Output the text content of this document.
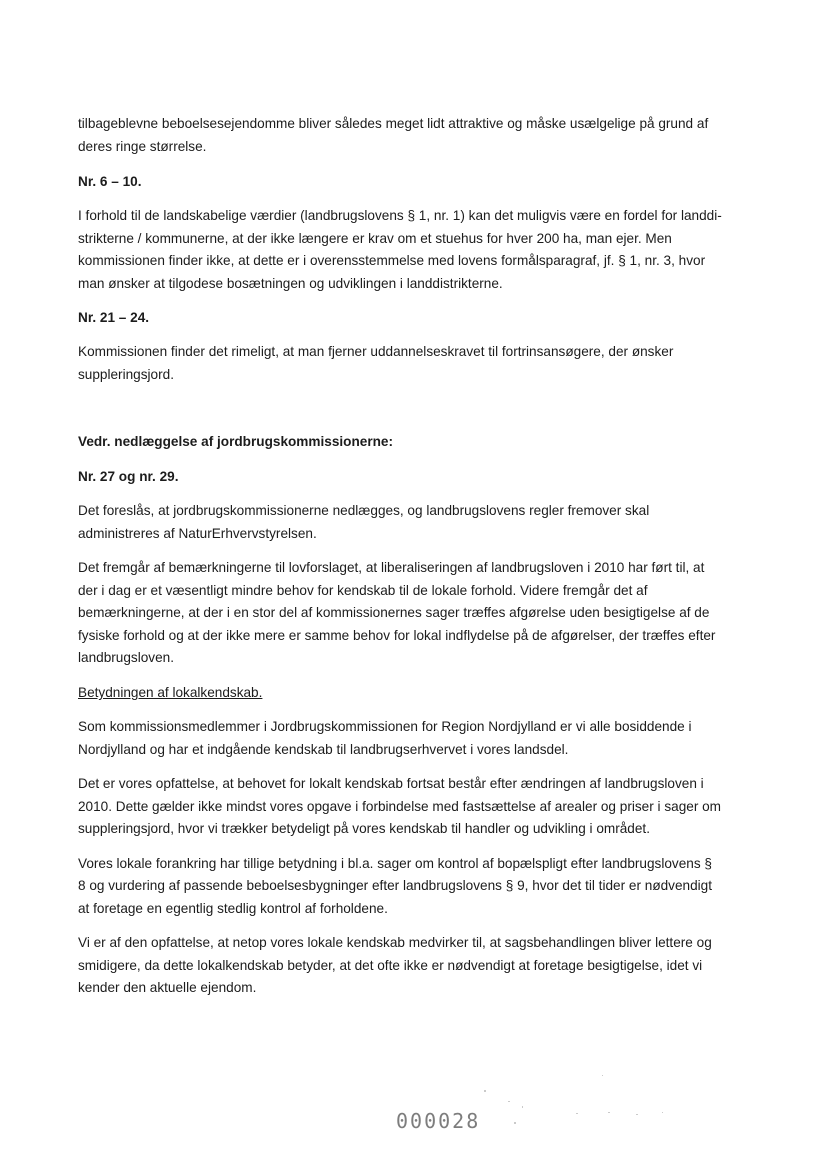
tilbageblevne beboelsesejendomme bliver således meget lidt attraktive og måske usælgelige på grund af

deres ringe størrelse.

Nr. 6 – 10.

I forhold til de landskabelige værdier (landbrugslovens § 1, nr. 1) kan det muligvis være en fordel for landdi-

strikterne / kommunerne, at der ikke længere er krav om et stuehus for hver 200 ha, man ejer. Men

kommissionen finder ikke, at dette er i overensstemmelse med lovens formålsparagraf, jf. § 1, nr. 3, hvor

man ønsker at tilgodese bosætningen og udviklingen i landdistrikterne.

Nr. 21 – 24.

Kommissionen finder det rimeligt, at man fjerner uddannelseskravet til fortrinsansøgere, der ønsker

suppleringsjord.

Vedr. nedlæggelse af jordbrugskommissionerne:

Nr. 27 og nr. 29.

Det foreslås, at jordbrugskommissionerne nedlægges, og landbrugslovens regler fremover skal

administreres af NaturErhvervstyrelsen.

Det fremgår af bemærkningerne til lovforslaget, at liberaliseringen af landbrugsloven i 2010 har ført til, at

der i dag er et væsentligt mindre behov for kendskab til de lokale forhold. Videre fremgår det af

bemærkningerne, at der i en stor del af kommissionernes sager træffes afgørelse uden besigtigelse af de

fysiske forhold og at der ikke mere er samme behov for lokal indflydelse på de afgørelser, der træffes efter

landbrugsloven.

Betydningen af lokalkendskab.

Som kommissionsmedlemmer i Jordbrugskommissionen for Region Nordjylland er vi alle bosiddende i

Nordjylland og har et indgående kendskab til landbrugserhvervet i vores landsdel.

Det er vores opfattelse, at behovet for lokalt kendskab fortsat består efter ændringen af landbrugsloven i

2010. Dette gælder ikke mindst vores opgave i forbindelse med fastsættelse af arealer og priser i sager om

suppleringsjord, hvor vi trækker betydeligt på vores kendskab til handler og udvikling i området.

Vores lokale forankring har tillige betydning i bl.a. sager om kontrol af bopælspligt efter landbrugslovens §

8 og vurdering af passende beboelsesbygninger efter landbrugslovens § 9, hvor det til tider er nødvendigt

at foretage en egentlig stedlig kontrol af forholdene.

Vi er af den opfattelse, at netop vores lokale kendskab medvirker til, at sagsbehandlingen bliver lettere og

smidigere, da dette lokalkendskab betyder, at det ofte ikke er nødvendigt at foretage besigtigelse, idet vi

kender den aktuelle ejendom.

000028
